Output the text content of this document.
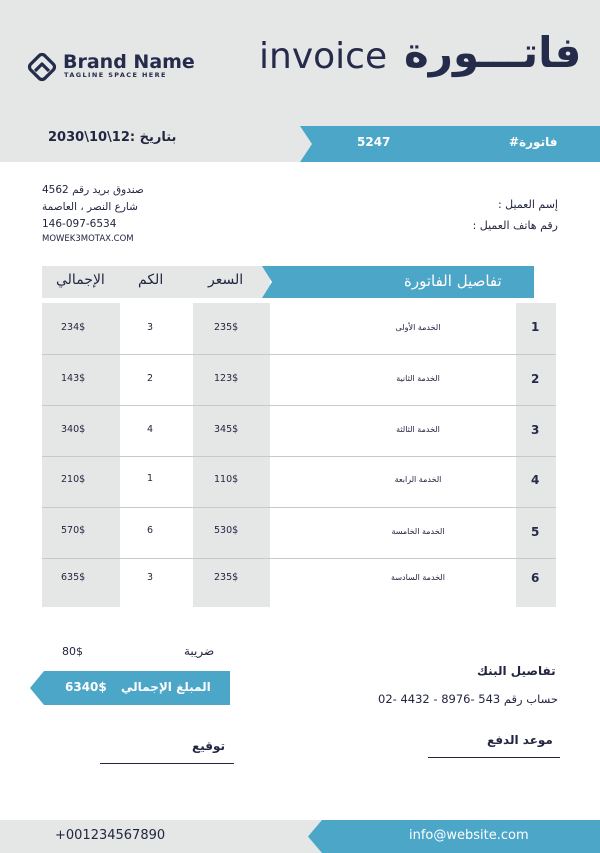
Brand Name
TAGLINE SPACE HERE	invoice فاتـــورة
بتاريخ :12\10\2030	5247	فاتورة#
صندوق بريد رقم 4562
شارع النصر ، العاصمة
146-097-6534
MOWEK3MOTAX.COM
إسم العميل :
رقم هاتف العميل :
الإجمالي الكم	السعر	تفاصيل الفاتورة
234$	3	235$	الخدمة الأولى	1
143$	2	123$	الخدمة الثانية	2
340$	4	345$	الخدمة الثالثة	3
210$	1	110$	الخدمة الرابعة	4
570$	6	530$	الخدمة الخامسة	5
635$	3	235$	الخدمة السادسة	6
ضريبة
80$
المبلغ الإجمالي
6340$
توقيع
تفاصيل البنك
حساب رقم 543 -8976 - 4432 -02
موعد الدفع
+001234567890	info@website.com
